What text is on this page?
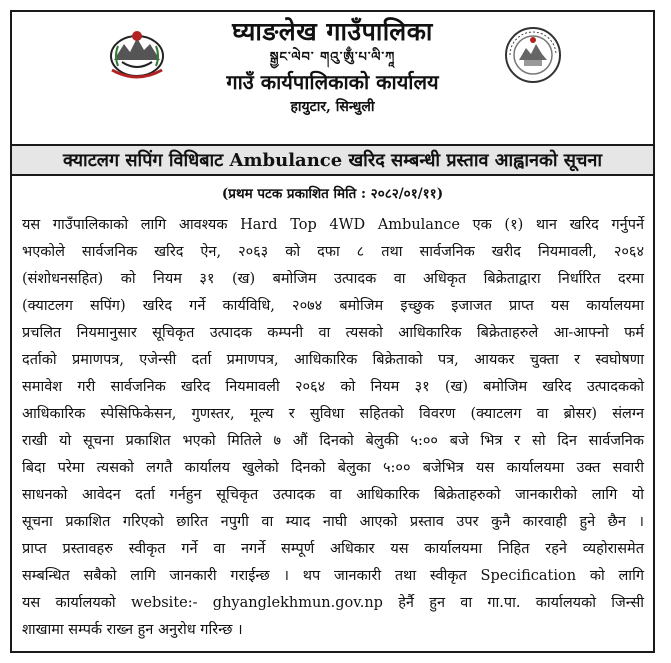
घ्याङलेख गाउँपालिका
སྒྱང་ལེབ་ གའུ་ཨུྃ་པ་ལི་ཀཱ
गाउँ कार्यपालिकाको कार्यालय
हायुटार, सिन्धुली
क्याटलग सपिंग विधिबाट Ambulance खरिद सम्बन्धी प्रस्ताव आह्वानको सूचना
(प्रथम पटक प्रकाशित मिति : २०८२/०१/११)
यस गाउँपालिकाको लागि आवश्यक Hard Top 4WD Ambulance एक (१) थान खरिद गर्नुपर्ने
भएकोले सार्वजनिक खरिद ऐन, २०६३ को दफा ८ तथा सार्वजनिक खरीद नियमावली, २०६४
(संशोधनसहित) को नियम ३१ (ख) बमोजिम उत्पादक वा अधिकृत बिक्रेताद्वारा निर्धारित दरमा
(क्याटलग सपिंग) खरिद गर्ने कार्यविधि, २०७४ बमोजिम इच्छुक इजाजत प्राप्त यस कार्यालयमा
प्रचलित नियमानुसार सूचिकृत उत्पादक कम्पनी वा त्यसको आधिकारिक बिक्रेताहरुले आ-आफ्नो फर्म
दर्ताको प्रमाणपत्र, एजेन्सी दर्ता प्रमाणपत्र, आधिकारिक बिक्रेताको पत्र, आयकर चुक्ता र स्वघोषणा
समावेश गरी सार्वजनिक खरिद नियमावली २०६४ को नियम ३१ (ख) बमोजिम खरिद उत्पादकको
आधिकारिक स्पेसिफिकेसन, गुणस्तर, मूल्य र सुविधा सहितको विवरण (क्याटलग वा ब्रोसर) संलग्न
राखी यो सूचना प्रकाशित भएको मितिले ७ औं दिनको बेलुकी ५:०० बजे भित्र र सो दिन सार्वजनिक
बिदा परेमा त्यसको लगतै कार्यालय खुलेको दिनको बेलुका ५:०० बजेभित्र यस कार्यालयमा उक्त सवारी
साधनको आवेदन दर्ता गर्नहुन सूचिकृत उत्पादक वा आधिकारिक बिक्रेताहरुको जानकारीको लागि यो
सूचना प्रकाशित गरिएको छारित नपुगी वा म्याद नाघी आएको प्रस्ताव उपर कुनै कारवाही हुने छैन ।
प्राप्त प्रस्तावहरु स्वीकृत गर्ने वा नगर्ने सम्पूर्ण अधिकार यस कार्यालयमा निहित रहने व्यहोरासमेत
सम्बन्धित सबैको लागि जानकारी गराईन्छ । थप जानकारी तथा स्वीकृत Specification को लागि
यस कार्यालयको website:- ghyanglekhmun.gov.np हेर्नै हुन वा गा.पा. कार्यालयको जिन्सी
शाखामा सम्पर्क राख्न हुन अनुरोध गरिन्छ ।
